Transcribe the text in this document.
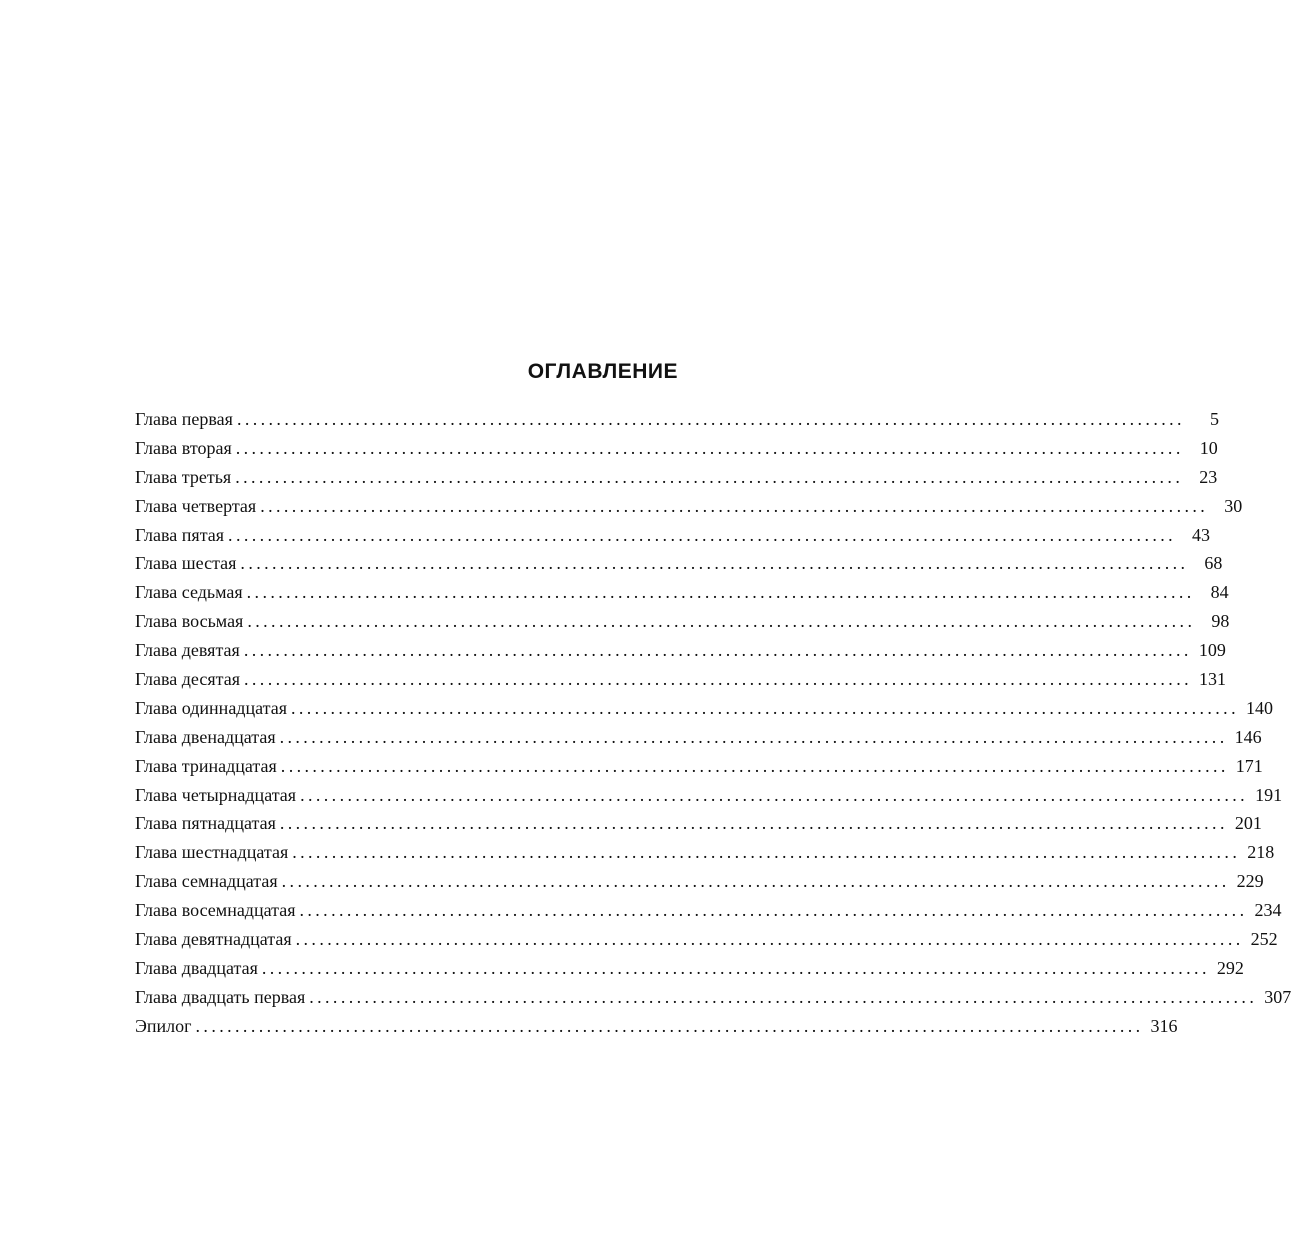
ОГЛАВЛЕНИЕ
Глава первая ........................................................................................................................	5
Глава вторая ........................................................................................................................ 10
Глава третья ........................................................................................................................ 23
Глава четвертая ........................................................................................................................ 30
Глава пятая ........................................................................................................................ 43
Глава шестая ........................................................................................................................ 68
Глава седьмая ........................................................................................................................ 84
Глава восьмая ........................................................................................................................ 98
Глава девятая ........................................................................................................................ 109
Глава десятая ........................................................................................................................ 131
Глава одиннадцатая ........................................................................................................................ 140
Глава двенадцатая ........................................................................................................................ 146
Глава тринадцатая ........................................................................................................................ 171
Глава четырнадцатая ........................................................................................................................ 191
Глава пятнадцатая ........................................................................................................................ 201
Глава шестнадцатая ........................................................................................................................ 218
Глава семнадцатая ........................................................................................................................ 229
Глава восемнадцатая ........................................................................................................................ 234
Глава девятнадцатая ........................................................................................................................ 252
Глава двадцатая ........................................................................................................................ 292
Глава двадцать первая ........................................................................................................................ 307
Эпилог ........................................................................................................................ 316
